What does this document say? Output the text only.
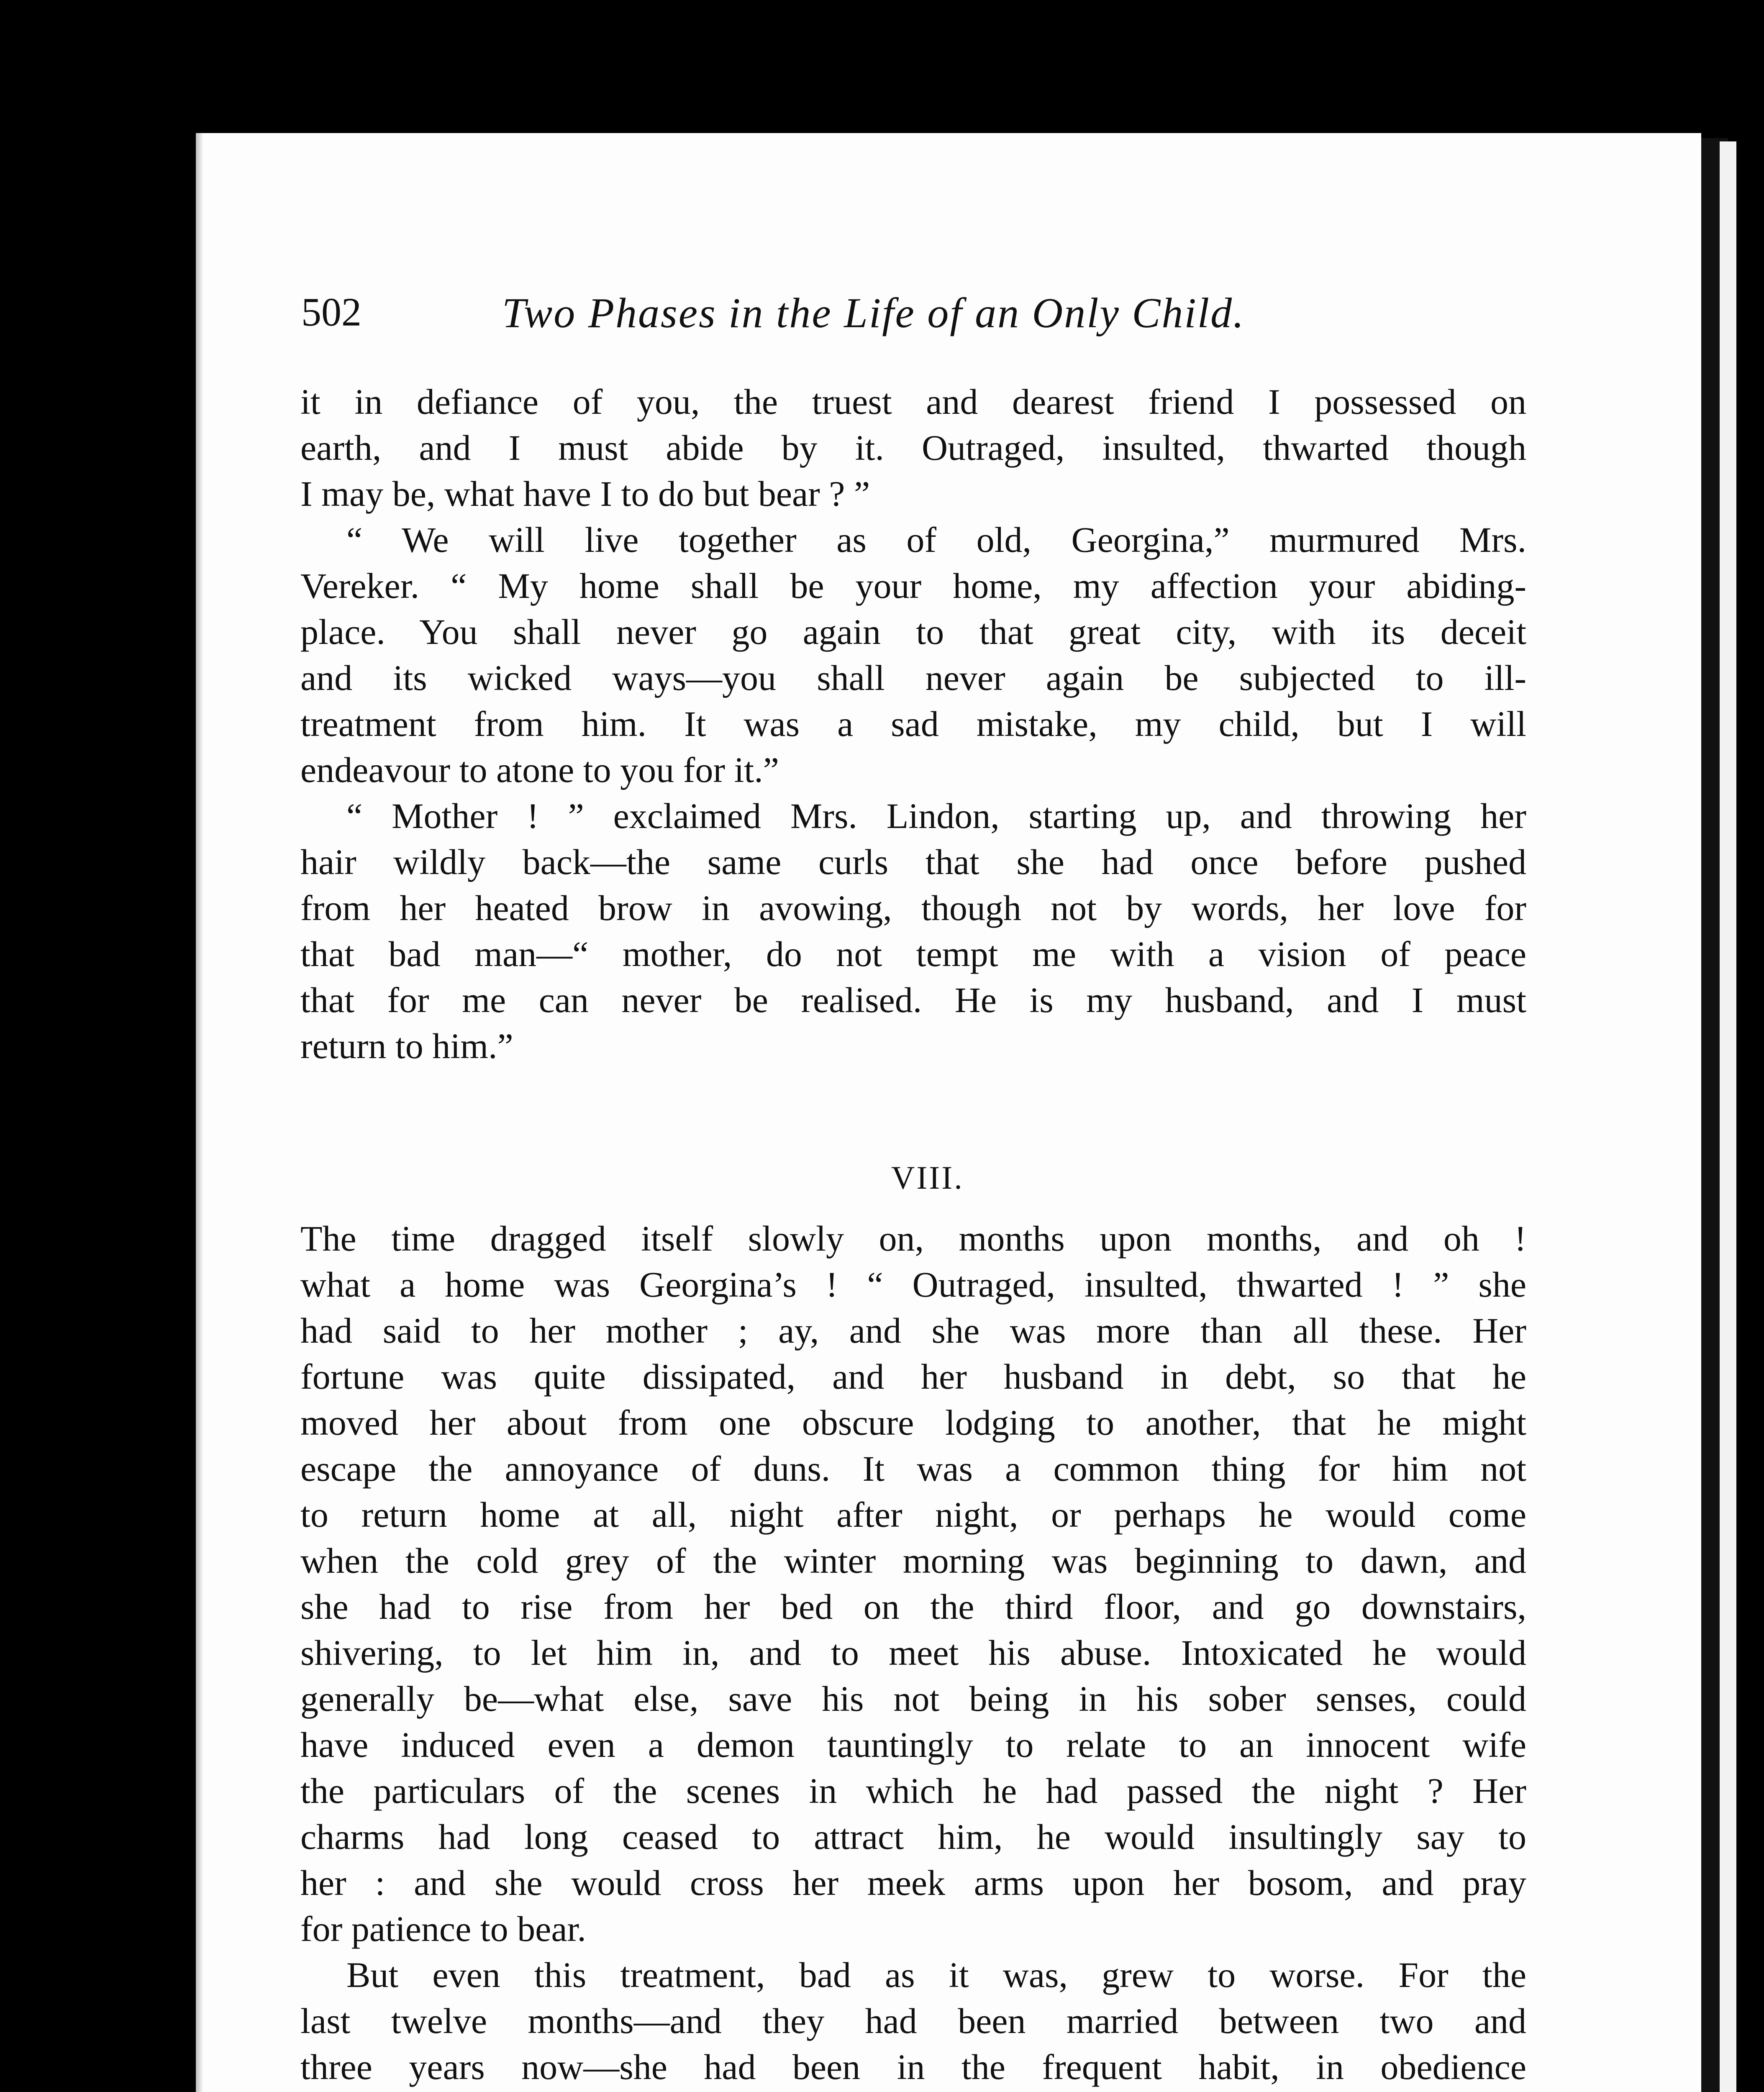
502	Two Phases in the Life of an Only Child.
it in defiance of you, the truest and dearest friend I possessed on
earth, and I must abide by it. Outraged, insulted, thwarted though
I may be, what have I to do but bear ? ”
“ We will live together as of old, Georgina,” murmured Mrs.
Vereker. “ My home shall be your home, my affection your abiding-
place. You shall never go again to that great city, with its deceit
and its wicked ways—you shall never again be subjected to ill-
treatment from him. It was a sad mistake, my child, but I will
endeavour to atone to you for it.”
“ Mother ! ” exclaimed Mrs. Lindon, starting up, and throwing her
hair wildly back—the same curls that she had once before pushed
from her heated brow in avowing, though not by words, her love for
that bad man—“ mother, do not tempt me with a vision of peace
that for me can never be realised. He is my husband, and I must
return to him.”
The time dragged itself slowly on, months upon months, and oh !
what a home was Georgina’s ! “ Outraged, insulted, thwarted ! ” she
had said to her mother ; ay, and she was more than all these. Her
fortune was quite dissipated, and her husband in debt, so that he
moved her about from one obscure lodging to another, that he might
escape the annoyance of duns. It was a common thing for him not
to return home at all, night after night, or perhaps he would come
when the cold grey of the winter morning was beginning to dawn, and
she had to rise from her bed on the third floor, and go downstairs,
shivering, to let him in, and to meet his abuse. Intoxicated he would
generally be—what else, save his not being in his sober senses, could
have induced even a demon tauntingly to relate to an innocent wife
the particulars of the scenes in which he had passed the night ? Her
charms had long ceased to attract him, he would insultingly say to
her : and she would cross her meek arms upon her bosom, and pray
for patience to bear.
But even this treatment, bad as it was, grew to worse. For the
last twelve months—and they had been married between two and
three years now—she had been in the frequent habit, in obedience
VIII.
